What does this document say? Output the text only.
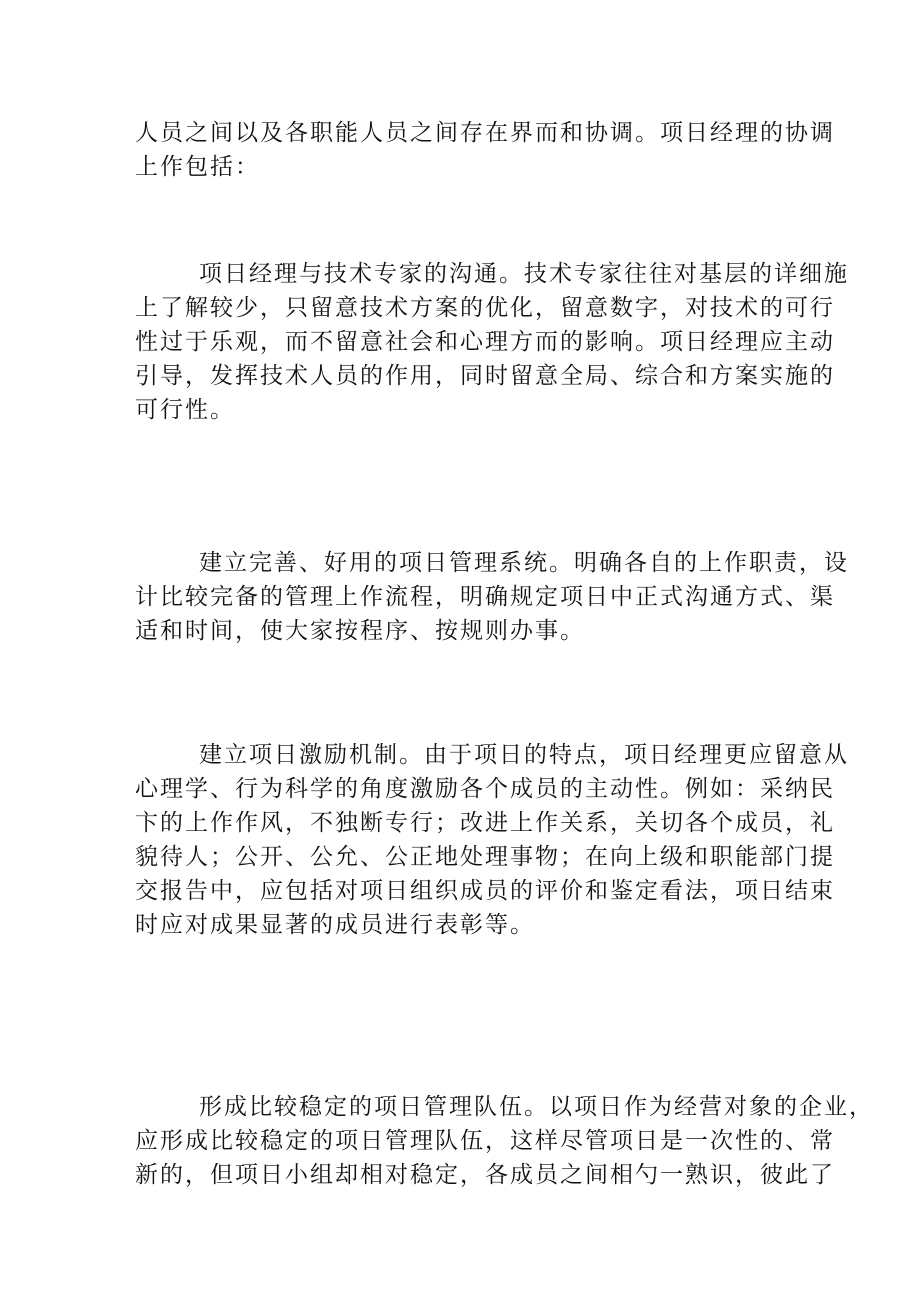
人员之间以及各职能人员之间存在界而和协调。项日经理的协调
上作包括：

项日经理与技术专家的沟通。技术专家往往对基层的详细施
上了解较少，只留意技术方案的优化，留意数字，对技术的可行
性过于乐观，而不留意社会和心理方而的影响。项日经理应主动
引导，发挥技术人员的作用，同时留意全局、综合和方案实施的
可行性。

建立完善、好用的项日管理系统。明确各自的上作职责，设
计比较完备的管理上作流程，明确规定项日中正式沟通方式、渠
适和时间，使大家按程序、按规则办事。

建立项日激励机制。由于项日的特点，项日经理更应留意从
心理学、行为科学的角度激励各个成员的主动性。例如：采纳民
卞的上作作风，不独断专行；改进上作关系，关切各个成员，礼
貌待人；公开、公允、公正地处理事物；在向上级和职能部门提
交报告中，应包括对项日组织成员的评价和鉴定看法，项日结束
时应对成果显著的成员进行表彰等。

形成比较稳定的项日管理队伍。以项日作为经营对象的企业，
应形成比较稳定的项日管理队伍，这样尽管项日是一次性的、常
新的，但项日小组却相对稳定，各成员之间相勺一熟识，彼此了
